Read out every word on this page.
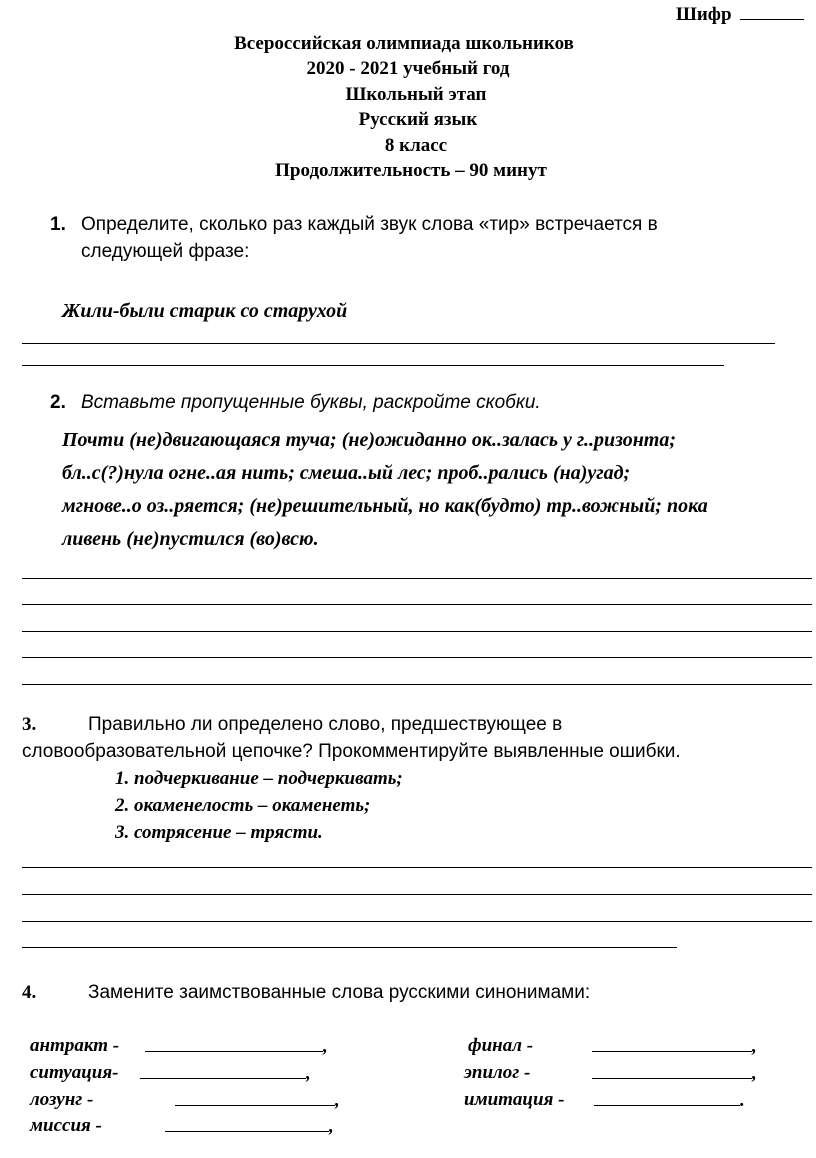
Шифр
Всероссийская олимпиада школьников
2020 - 2021 учебный год
Школьный этап
Русский язык
8 класс
Продолжительность – 90 минут
1. Определите, сколько раз каждый звук слова «тир» встречается в
следующей фразе:
Жили-были старик со старухой
2. Вставьте пропущенные буквы, раскройте скобки.
Почти (не)двигающаяся туча; (не)ожиданно ок..залась у г..ризонта;
бл..с(?)нула огне..ая нить; смеша..ый лес; проб..рались (на)угад;
мгнове..о оз..ряется; (не)решительный, но как(будто) тр..вожный; пока
ливень (не)пустился (во)всю.
3.	Правильно ли определено слово, предшествующее в
словообразовательной цепочке? Прокомментируйте выявленные ошибки.
1. подчеркивание – подчеркивать;
2. окаменелость – окаменеть;
3. сотрясение – трясти.
4.	Замените заимствованные слова русскими синонимами:
антракт -	,
ситуация-	,
лозунг -	,
миссия -	,
финал -	,
эпилог -	,
имитация -	.
